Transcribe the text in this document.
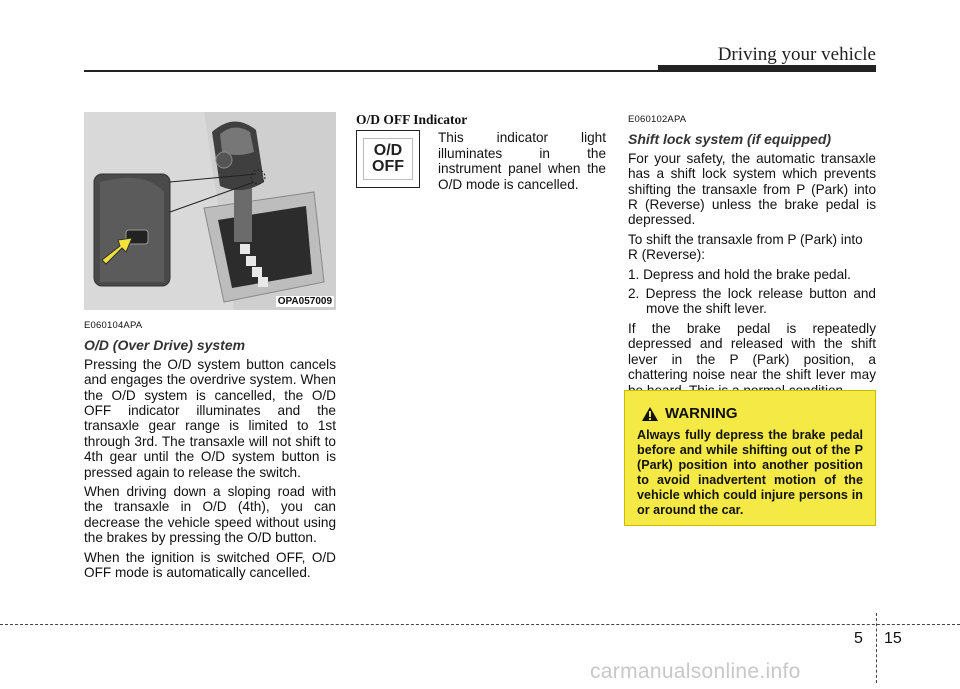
Driving your vehicle
OPA057009

E060104APA

O/D (Over Drive) system

Pressing the O/D system button cancels and engages the overdrive system. When the O/D system is cancelled, the O/D OFF indicator illuminates and the transaxle gear range is limited to 1st through 3rd. The transaxle will not shift to 4th gear until the O/D system button is pressed again to release the switch.

When driving down a sloping road with the transaxle in O/D (4th), you can decrease the vehicle speed without using the brakes by pressing the O/D button.

When the ignition is switched OFF, O/D OFF mode is automatically cancelled.

O/D OFF Indicator
O/D
OFF
This indicator light illuminates in the instrument panel when the O/D mode is cancelled.

E060102APA

Shift lock system (if equipped)

For your safety, the automatic transaxle has a shift lock system which prevents shifting the transaxle from P (Park) into R (Reverse) unless the brake pedal is depressed.

To shift the transaxle from P (Park) into R (Reverse):

1. Depress and hold the brake pedal.

2. Depress the lock release button and move the shift lever.

If the brake pedal is repeatedly depressed and released with the shift lever in the P (Park) position, a chattering noise near the shift lever may

WARNING
Always fully depress the brake pedal before and while shifting out of the P (Park) position into another position to avoid inadvertent motion of the vehicle which could injure persons in or around the car.
5 15
carmanualsonline.info
